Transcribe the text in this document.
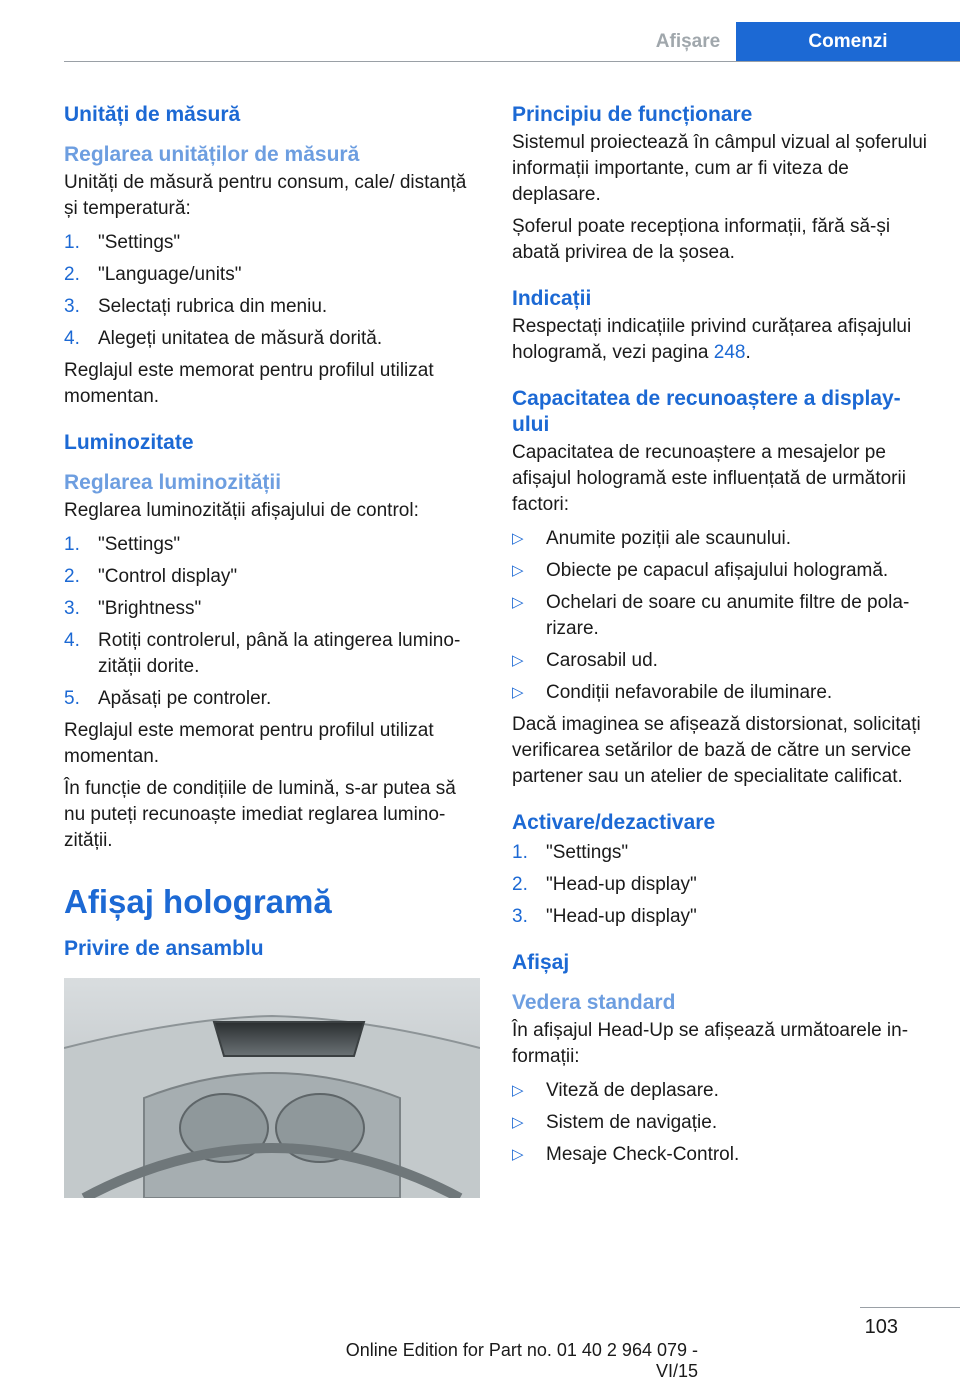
Afișare	Comenzi
Unități de măsură
Reglarea unităților de măsură

Unități de măsură pentru consum, cale/ distanță și temperatură:

1. "Settings"
2. "Language/units"
3. Selectați rubrica din meniu.
4. Alegeți unitatea de măsură dorită.

Reglajul este memorat pentru profilul utilizat momentan.

Luminozitate
Reglarea luminozității

Reglarea luminozității afișajului de control:

1. "Settings"
2. "Control display"
3. "Brightness"
4. Rotiți controlerul, până la atingerea luminozității dorite.
5. Apăsați pe controler.

Reglajul este memorat pentru profilul utilizat momentan.

În funcție de condițiile de lumină, s-ar putea să nu puteți recunoaște imediat reglarea luminozității.

Afișaj hologramă
Privire de ansamblu
Principiu de funcționare

Sistemul proiectează în câmpul vizual al șoferului informații importante, cum ar fi viteza de deplasare.

Șoferul poate recepționa informații, fără să-și abată privirea de la șosea.

Indicații

Respectați indicațiile privind curățarea afișajului hologramă, vezi pagina 248.

Capacitatea de recunoaștere a display-ului

Capacitatea de recunoaștere a mesajelor pe afișajul hologramă este influențată de următorii factori:

▷ Anumite poziții ale scaunului.
▷ Obiecte pe capacul afișajului hologramă.
▷ Ochelari de soare cu anumite filtre de polarizare.
▷ Carosabil ud.
▷ Condiții nefavorabile de iluminare.

Dacă imaginea se afișează distorsionat, solicitați verificarea setărilor de bază de către un service partener sau un atelier de specialitate calificat.

Activare/dezactivare
1. "Settings"
2. "Head-up display"
3. "Head-up display"
Afișaj
Vedera standard

În afișajul Head-Up se afișează următoarele informații:

▷ Viteză de deplasare.
▷ Sistem de navigație.
▷ Mesaje Check-Control.
103
Online Edition for Part no. 01 40 2 964 079 - VI/15
